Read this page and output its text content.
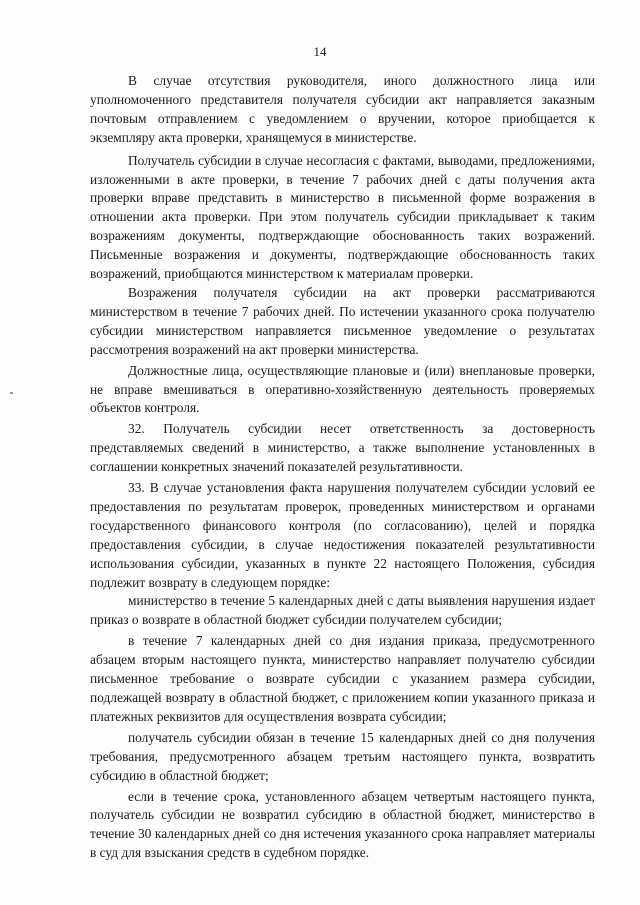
14

В случае отсутствия руководителя, иного должностного лица или уполномоченного представителя получателя субсидии акт направляется заказным почтовым отправлением с уведомлением о вручении, которое приобщается к экземпляру акта проверки, хранящемуся в министерстве.

Получатель субсидии в случае несогласия с фактами, выводами, предложениями, изложенными в акте проверки, в течение 7 рабочих дней с даты получения акта проверки вправе представить в министерство в письменной форме возражения в отношении акта проверки. При этом получатель субсидии прикладывает к таким возражениям документы, подтверждающие обоснованность таких возражений. Письменные возражения и документы, подтверждающие обоснованность таких возражений, приобщаются министерством к материалам проверки.

Возражения получателя субсидии на акт проверки рассматриваются министерством в течение 7 рабочих дней. По истечении указанного срока получателю субсидии министерством направляется письменное уведомление о результатах рассмотрения возражений на акт проверки министерства.

Должностные лица, осуществляющие плановые и (или) внеплановые проверки, не вправе вмешиваться в оперативно-хозяйственную деятельность проверяемых объектов контроля.

32. Получатель субсидии несет ответственность за достоверность представляемых сведений в министерство, а также выполнение установленных в соглашении конкретных значений показателей результативности.

33. В случае установления факта нарушения получателем субсидии условий ее предоставления по результатам проверок, проведенных министерством и органами государственного финансового контроля (по согласованию), целей и порядка предоставления субсидии, в случае недостижения показателей результативности использования субсидии, указанных в пункте 22 настоящего Положения, субсидия подлежит возврату в следующем порядке:

министерство в течение 5 календарных дней с даты выявления нарушения издает приказ о возврате в областной бюджет субсидии получателем субсидии;

в течение 7 календарных дней со дня издания приказа, предусмотренного абзацем вторым настоящего пункта, министерство направляет получателю субсидии письменное требование о возврате субсидии с указанием размера субсидии, подлежащей возврату в областной бюджет, с приложением копии указанного приказа и платежных реквизитов для осуществления возврата субсидии;

получатель субсидии обязан в течение 15 календарных дней со дня получения требования, предусмотренного абзацем третьим настоящего пункта, возвратить субсидию в областной бюджет;

если в течение срока, установленного абзацем четвертым настоящего пункта, получатель субсидии не возвратил субсидию в областной бюджет, министерство в течение 30 календарных дней со дня истечения указанного срока направляет материалы в суд для взыскания средств в судебном порядке.
